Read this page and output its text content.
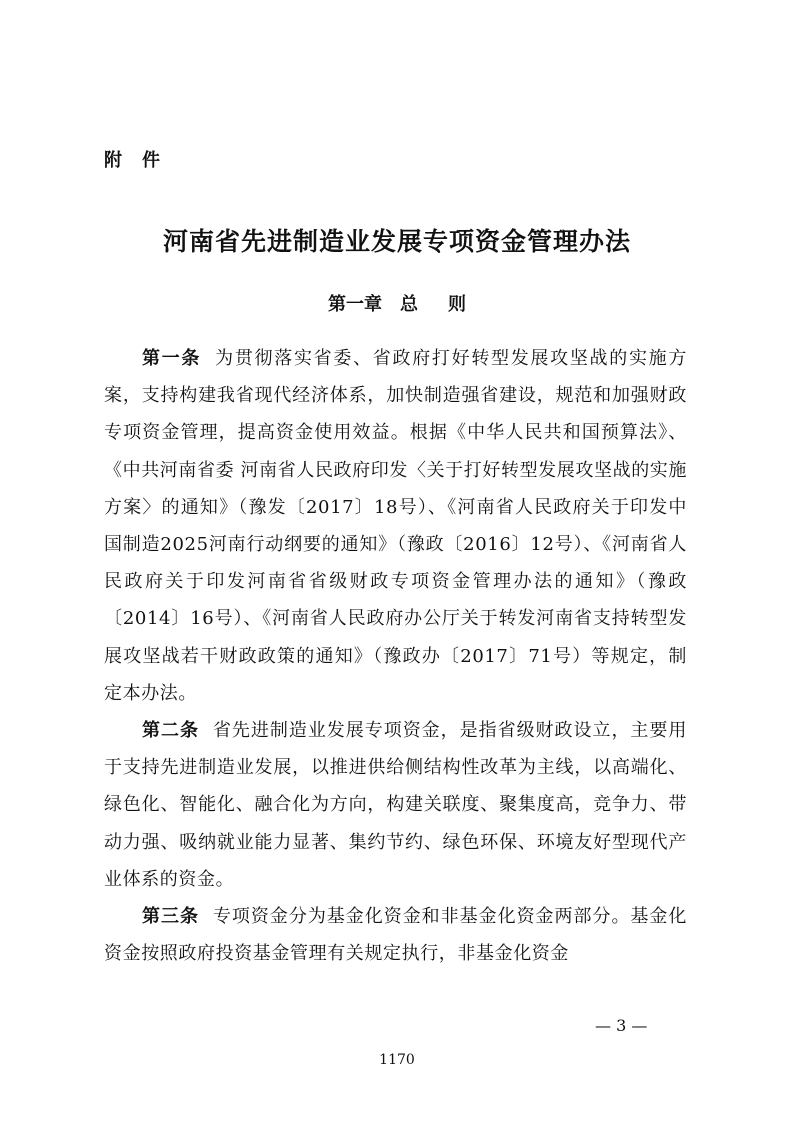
附件
河南省先进制造业发展专项资金管理办法
第一章 总 则

第一条 为贯彻落实省委、省政府打好转型发展攻坚战的实施方案，支持构建我省现代经济体系，加快制造强省建设，规范和加强财政专项资金管理，提高资金使用效益。根据《中华人民共和国预算法》、《中共河南省委 河南省人民政府印发〈关于打好转型发展攻坚战的实施方案〉的通知》（豫发〔2017〕18号）、《河南省人民政府关于印发中国制造2025河南行动纲要的通知》（豫政〔2016〕12号）、《河南省人民政府关于印发河南省省级财政专项资金管理办法的通知》（豫政〔2014〕16号）、《河南省人民政府办公厅关于转发河南省支持转型发展攻坚战若干财政政策的通知》（豫政办〔2017〕71号）等规定，制定本办法。

第二条 省先进制造业发展专项资金，是指省级财政设立，主要用于支持先进制造业发展，以推进供给侧结构性改革为主线，以高端化、绿色化、智能化、融合化为方向，构建关联度、聚集度高，竞争力、带动力强、吸纳就业能力显著、集约节约、绿色环保、环境友好型现代产业体系的资金。

第三条 专项资金分为基金化资金和非基金化资金两部分。基金化资金按照政府投资基金管理有关规定执行，非基金化资金

— 3 —
1170
